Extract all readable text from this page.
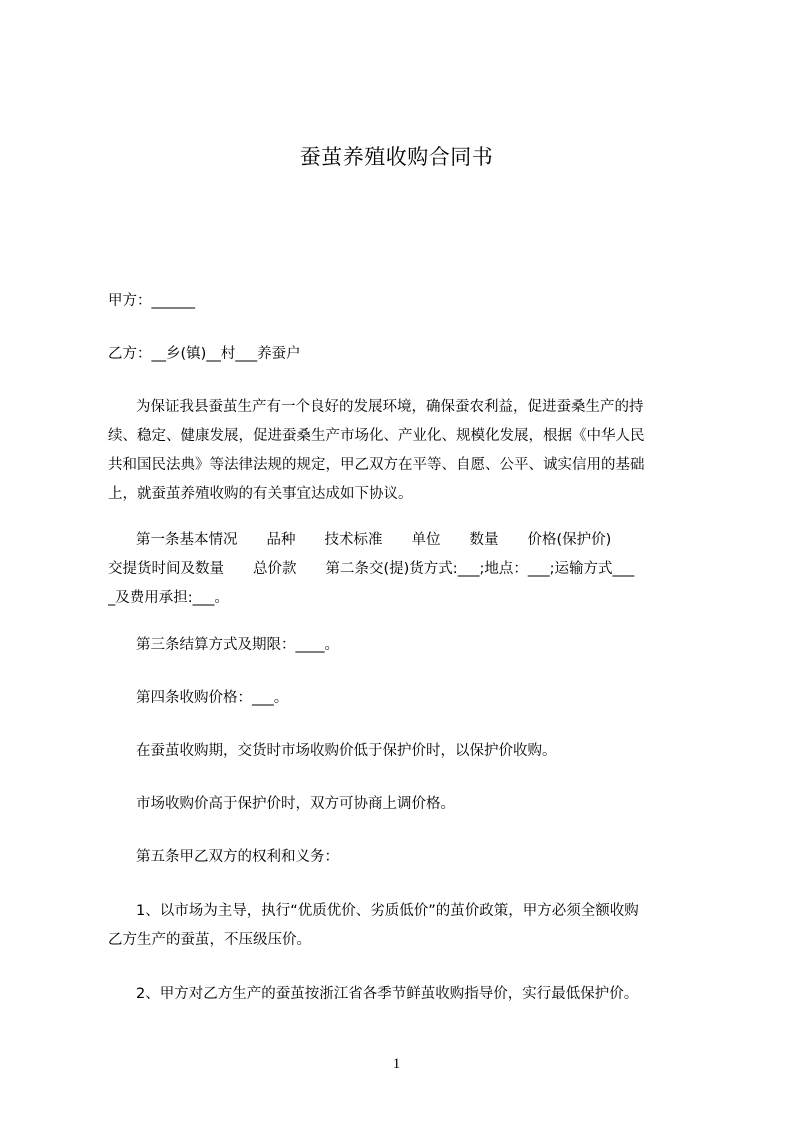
蚕茧养殖收购合同书
甲方：______
乙方：__乡(镇)__村___养蚕户
为保证我县蚕茧生产有一个良好的发展环境，确保蚕农利益，促进蚕桑生产的持
续、稳定、健康发展，促进蚕桑生产市场化、产业化、规模化发展，根据《中华人民
共和国民法典》等法律法规的规定，甲乙双方在平等、自愿、公平、诚实信用的基础
上，就蚕茧养殖收购的有关事宜达成如下协议。
第一条基本情况　　品种　　技术标准　　单位　　数量　　价格(保护价)
交提货时间及数量　　总价款　　第二条交(提)货方式:___;地点：___;运输方式___
_及费用承担:___。
第三条结算方式及期限：____。
第四条收购价格：___。
在蚕茧收购期，交货时市场收购价低于保护价时，以保护价收购。
市场收购价高于保护价时，双方可协商上调价格。
第五条甲乙双方的权利和义务：
1、以市场为主导，执行“优质优价、劣质低价”的茧价政策，甲方必须全额收购
乙方生产的蚕茧，不压级压价。
2、甲方对乙方生产的蚕茧按浙江省各季节鲜茧收购指导价，实行最低保护价。
1
